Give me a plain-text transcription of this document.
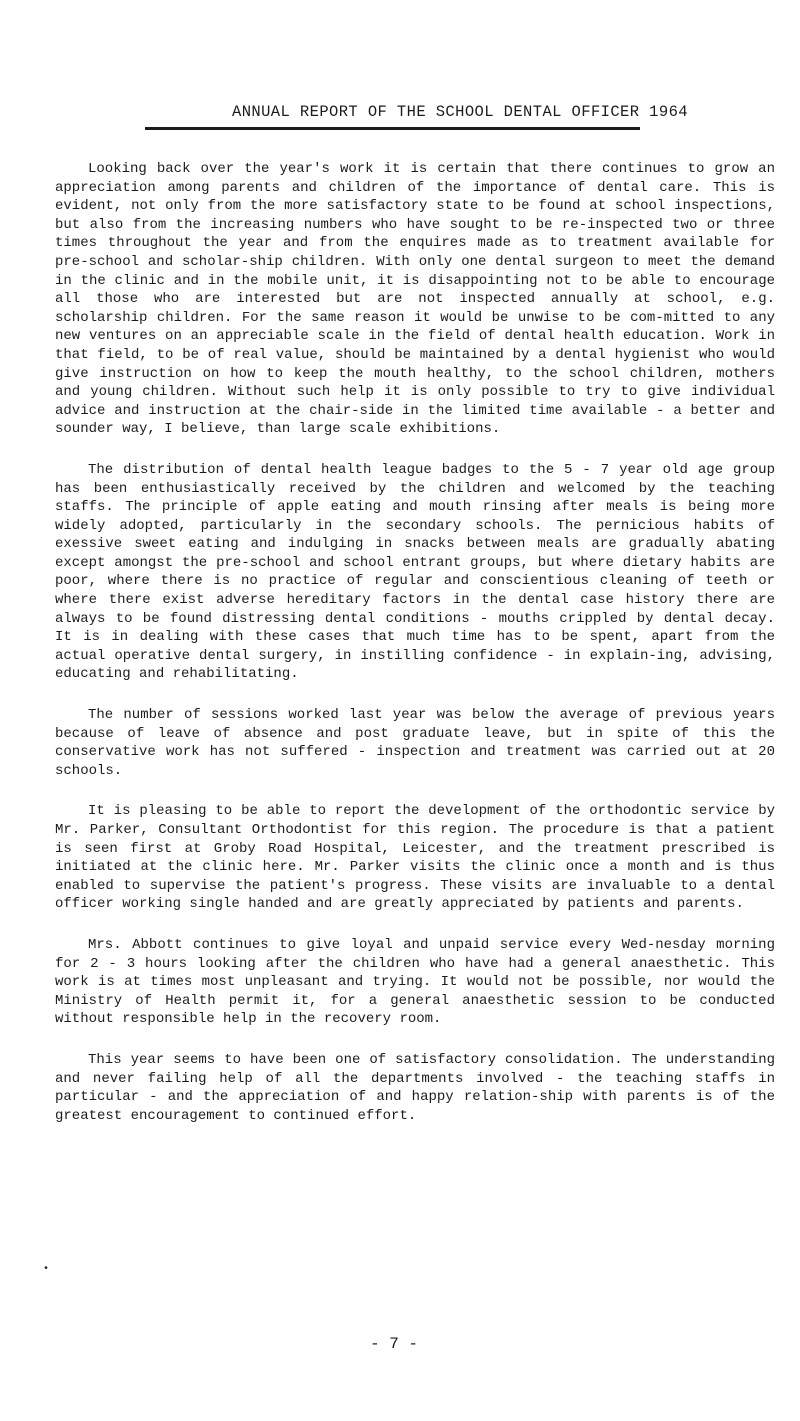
ANNUAL REPORT OF THE SCHOOL DENTAL OFFICER 1964

Looking back over the year's work it is certain that there continues to grow an appreciation among parents and children of the importance of dental care. This is evident, not only from the more satisfactory state to be found at school inspections, but also from the increasing numbers who have sought to be re-inspected two or three times throughout the year and from the enquires made as to treatment available for pre-school and scholar-ship children. With only one dental surgeon to meet the demand in the clinic and in the mobile unit, it is disappointing not to be able to encourage all those who are interested but are not inspected annually at school, e.g. scholarship children. For the same reason it would be unwise to be com-mitted to any new ventures on an appreciable scale in the field of dental health education. Work in that field, to be of real value, should be maintained by a dental hygienist who would give instruction on how to keep the mouth healthy, to the school children, mothers and young children. Without such help it is only possible to try to give individual advice and instruction at the chair-side in the limited time available - a better and sounder way, I believe, than large scale exhibitions.

The distribution of dental health league badges to the 5 - 7 year old age group has been enthusiastically received by the children and welcomed by the teaching staffs. The principle of apple eating and mouth rinsing after meals is being more widely adopted, particularly in the secondary schools. The pernicious habits of exessive sweet eating and indulging in snacks between meals are gradually abating except amongst the pre-school and school entrant groups, but where dietary habits are poor, where there is no practice of regular and conscientious cleaning of teeth or where there exist adverse hereditary factors in the dental case history there are always to be found distressing dental conditions - mouths crippled by dental decay. It is in dealing with these cases that much time has to be spent, apart from the actual operative dental surgery, in instilling confidence - in explain-ing, advising, educating and rehabilitating.

The number of sessions worked last year was below the average of previous years because of leave of absence and post graduate leave, but in spite of this the conservative work has not suffered - inspection and treatment was carried out at 20 schools.

It is pleasing to be able to report the development of the orthodontic service by Mr. Parker, Consultant Orthodontist for this region. The procedure is that a patient is seen first at Groby Road Hospital, Leicester, and the treatment prescribed is initiated at the clinic here. Mr. Parker visits the clinic once a month and is thus enabled to supervise the patient's progress. These visits are invaluable to a dental officer working single handed and are greatly appreciated by patients and parents.

Mrs. Abbott continues to give loyal and unpaid service every Wed-nesday morning for 2 - 3 hours looking after the children who have had a general anaesthetic. This work is at times most unpleasant and trying. It would not be possible, nor would the Ministry of Health permit it, for a general anaesthetic session to be conducted without responsible help in the recovery room.

This year seems to have been one of satisfactory consolidation. The understanding and never failing help of all the departments involved - the teaching staffs in particular - and the appreciation of and happy relation-ship with parents is of the greatest encouragement to continued effort.

•
- 7 -
